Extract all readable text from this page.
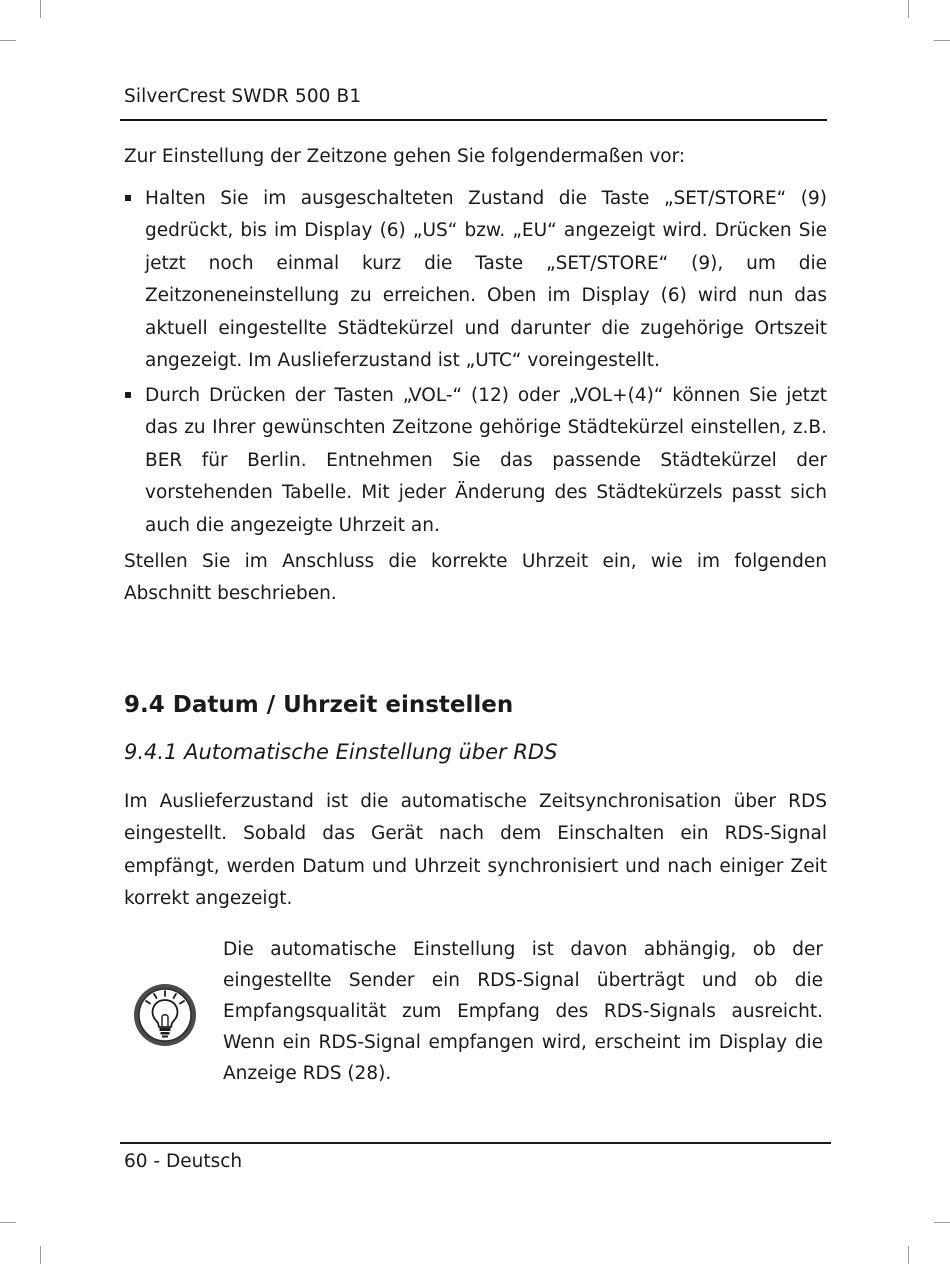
SilverCrest SWDR 500 B1
Zur Einstellung der Zeitzone gehen Sie folgendermaßen vor:
Halten Sie im ausgeschalteten Zustand die Taste „SET/STORE“ (9) gedrückt, bis im Display (6) „US“ bzw. „EU“ angezeigt wird. Drücken Sie jetzt noch einmal kurz die Taste „SET/STORE“ (9), um die Zeitzoneneinstellung zu erreichen. Oben im Display (6) wird nun das aktuell eingestellte Städtekürzel und darunter die zugehörige Ortszeit angezeigt. Im Auslieferzustand ist „UTC“ voreingestellt.
Durch Drücken der Tasten „VOL-“ (12) oder „VOL+(4)“ können Sie jetzt das zu Ihrer gewünschten Zeitzone gehörige Städtekürzel einstellen, z.B. BER für Berlin. Entnehmen Sie das passende Städtekürzel der vorstehenden Tabelle. Mit jeder Änderung des Städtekürzels passt sich auch die angezeigte Uhrzeit an.
Stellen Sie im Anschluss die korrekte Uhrzeit ein, wie im folgenden Abschnitt beschrieben.
9.4 Datum / Uhrzeit einstellen
9.4.1 Automatische Einstellung über RDS
Im Auslieferzustand ist die automatische Zeitsynchronisation über RDS eingestellt. Sobald das Gerät nach dem Einschalten ein RDS-Signal empfängt, werden Datum und Uhrzeit synchronisiert und nach einiger Zeit korrekt angezeigt.
Die automatische Einstellung ist davon abhängig, ob der eingestellte Sender ein RDS-Signal überträgt und ob die Empfangsqualität zum Empfang des RDS-Signals ausreicht. Wenn ein RDS-Signal empfangen wird, erscheint im Display die Anzeige RDS (28).
60 - Deutsch
